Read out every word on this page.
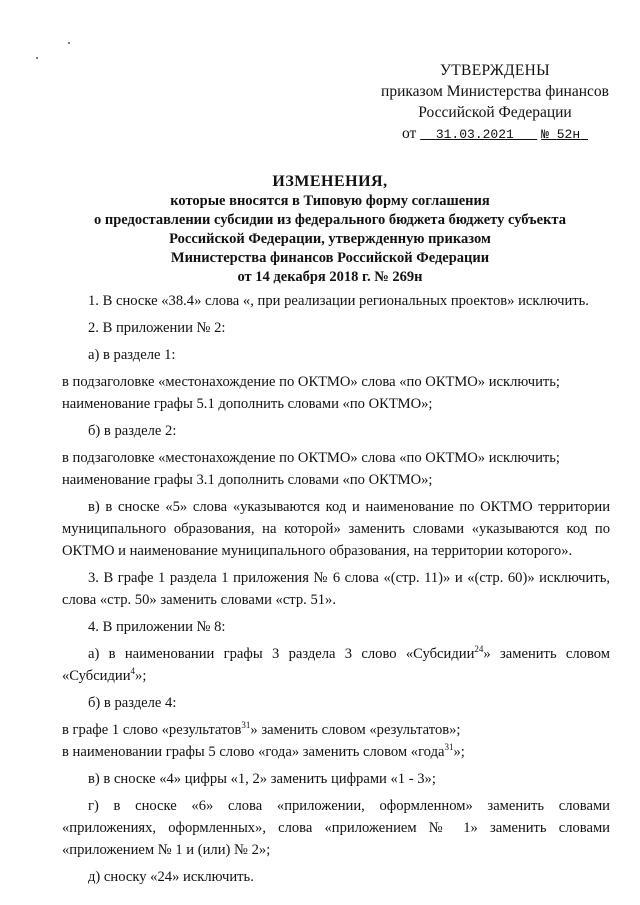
УТВЕРЖДЕНЫ
приказом Министерства финансов
Российской Федерации
от 31.03.2021 № 52н
ИЗМЕНЕНИЯ,
которые вносятся в Типовую форму соглашения
о предоставлении субсидии из федерального бюджета бюджету субъекта
Российской Федерации, утвержденную приказом
Министерства финансов Российской Федерации
от 14 декабря 2018 г. № 269н

1. В сноске «38.4» слова «, при реализации региональных проектов» исключить.

2. В приложении № 2:

а) в разделе 1:

в подзаголовке «местонахождение по ОКТМО» слова «по ОКТМО» исключить;

наименование графы 5.1 дополнить словами «по ОКТМО»;

б) в разделе 2:

в подзаголовке «местонахождение по ОКТМО» слова «по ОКТМО» исключить;

наименование графы 3.1 дополнить словами «по ОКТМО»;

в) в сноске «5» слова «указываются код и наименование по ОКТМО территории муниципального образования, на которой» заменить словами «указываются код по ОКТМО и наименование муниципального образования, на территории которого».

3. В графе 1 раздела 1 приложения № 6 слова «(стр. 11)» и «(стр. 60)» исключить, слова «стр. 50» заменить словами «стр. 51».

4. В приложении № 8:

а) в наименовании графы 3 раздела 3 слово «Субсидии$^{24}$» заменить словом «Субсидии$^4$»;

б) в разделе 4:

в графе 1 слово «результатов$^{31}$» заменить словом «результатов»;

в наименовании графы 5 слово «года» заменить словом «года$^{31}$»;

в) в сноске «4» цифры «1, 2» заменить цифрами «1 - 3»;

г) в сноске «6» слова «приложении, оформленном» заменить словами «приложениях, оформленных», слова «приложением № 1» заменить словами «приложением № 1 и (или) № 2»;

д) сноску «24» исключить.
